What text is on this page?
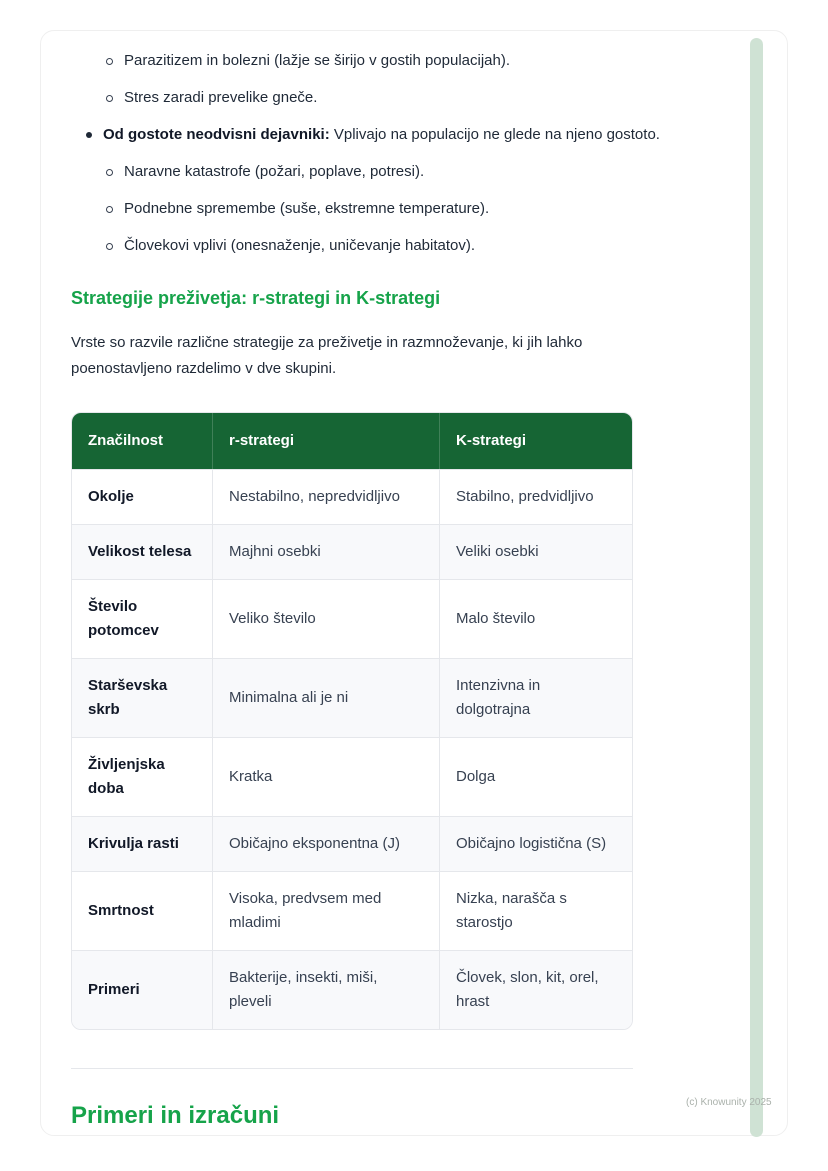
Parazitizem in bolezni (lažje se širijo v gostih populacijah).
Stres zaradi prevelike gneče.
Od gostote neodvisni dejavniki: Vplivajo na populacijo ne glede na njeno gostoto.
Naravne katastrofe (požari, poplave, potresi).
Podnebne spremembe (suše, ekstremne temperature).
Človekovi vplivi (onesnaženje, uničevanje habitatov).
Strategije preživetja: r-strategi in K-strategi

Vrste so razvile različne strategije za preživetje in razmnoževanje, ki jih lahko poenostavljeno razdelimo v dve skupini.

Značilnost	r-strategi	K-strategi
Okolje	Nestabilno, nepredvidljivo	Stabilno, predvidljivo
Velikost telesa	Majhni osebki	Veliki osebki
Število potomcev	Veliko število	Malo število
Starševska skrb	Minimalna ali je ni	Intenzivna in dolgotrajna
Življenjska doba	Kratka	Dolga
Krivulja rasti	Običajno eksponentna (J)	Običajno logistična (S)
Smrtnost	Visoka, predvsem med mladimi	Nizka, narašča s starostjo
Primeri	Bakterije, insekti, miši, pleveli	Človek, slon, kit, orel, hrast
Primeri in izračuni	(c) Knowunity 2025
